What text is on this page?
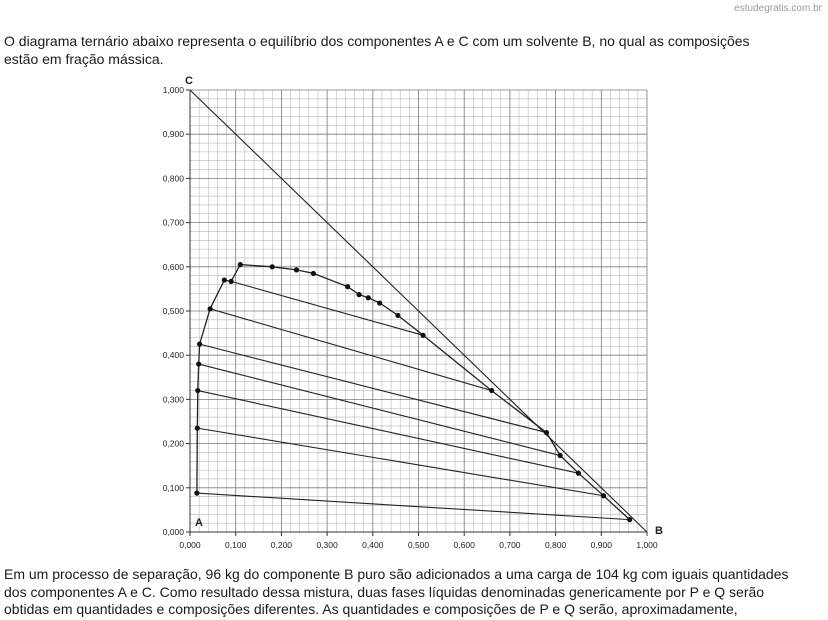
estudegratis.com.br

O diagrama ternário abaixo representa o equilíbrio dos componentes A e C com um solvente B, no qual as composições
estão em fração mássica.

0,000	0,100	0,200	0,300	0,400	0,500	0,600	0,700	0,800	0,900	1,000
0,000
0,100
0,200
0,300
0,400
0,500
0,600
0,700
0,800
0,900
1,000
C
A
B

Em um processo de separação, 96 kg do componente B puro são adicionados a uma carga de 104 kg com iguais quantidades
dos componentes A e C. Como resultado dessa mistura, duas fases líquidas denominadas genericamente por P e Q serão
obtidas em quantidades e composições diferentes. As quantidades e composições de P e Q serão, aproximadamente,
